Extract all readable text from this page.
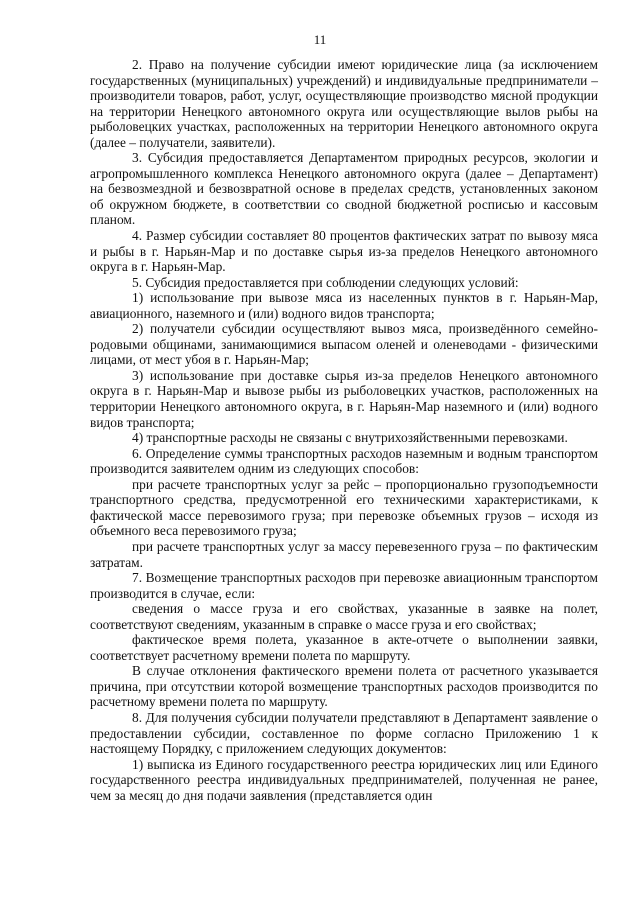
11

2. Право на получение субсидии имеют юридические лица (за исключением государственных (муниципальных) учреждений) и индивидуальные предприниматели – производители товаров, работ, услуг, осуществляющие производство мясной продукции на территории Ненецкого автономного округа или осуществляющие вылов рыбы на рыболовецких участках, расположенных на территории Ненецкого автономного округа (далее – получатели, заявители).

3. Субсидия предоставляется Департаментом природных ресурсов, экологии и агропромышленного комплекса Ненецкого автономного округа (далее – Департамент) на безвозмездной и безвозвратной основе в пределах средств, установленных законом об окружном бюджете, в соответствии со сводной бюджетной росписью и кассовым планом.

4. Размер субсидии составляет 80 процентов фактических затрат по вывозу мяса и рыбы в г. Нарьян-Мар и по доставке сырья из-за пределов Ненецкого автономного округа в г. Нарьян-Мар.

5. Субсидия предоставляется при соблюдении следующих условий:

1) использование при вывозе мяса из населенных пунктов в г. Нарьян-Мар, авиационного, наземного и (или) водного видов транспорта;

2) получатели субсидии осуществляют вывоз мяса, произведённого семейно-родовыми общинами, занимающимися выпасом оленей и оленеводами - физическими лицами, от мест убоя в г. Нарьян-Мар;

3) использование при доставке сырья из-за пределов Ненецкого автономного округа в г. Нарьян-Мар и вывозе рыбы из рыболовецких участков, расположенных на территории Ненецкого автономного округа, в г. Нарьян-Мар наземного и (или) водного видов транспорта;

4) транспортные расходы не связаны с внутрихозяйственными перевозками.

6. Определение суммы транспортных расходов наземным и водным транспортом производится заявителем одним из следующих способов:

при расчете транспортных услуг за рейс – пропорционально грузоподъемности транспортного средства, предусмотренной его техническими характеристиками, к фактической массе перевозимого груза; при перевозке объемных грузов – исходя из объемного веса перевозимого груза;

при расчете транспортных услуг за массу перевезенного груза – по фактическим затратам.

7. Возмещение транспортных расходов при перевозке авиационным транспортом производится в случае, если:

сведения о массе груза и его свойствах, указанные в заявке на полет, соответствуют сведениям, указанным в справке о массе груза и его свойствах;

фактическое время полета, указанное в акте-отчете о выполнении заявки, соответствует расчетному времени полета по маршруту.

В случае отклонения фактического времени полета от расчетного указывается причина, при отсутствии которой возмещение транспортных расходов производится по расчетному времени полета по маршруту.

8. Для получения субсидии получатели представляют в Департамент заявление о предоставлении субсидии, составленное по форме согласно Приложению 1 к настоящему Порядку, с приложением следующих документов:

1) выписка из Единого государственного реестра юридических лиц или Единого государственного реестра индивидуальных предпринимателей, полученная не ранее, чем за месяц до дня подачи заявления (представляется один
